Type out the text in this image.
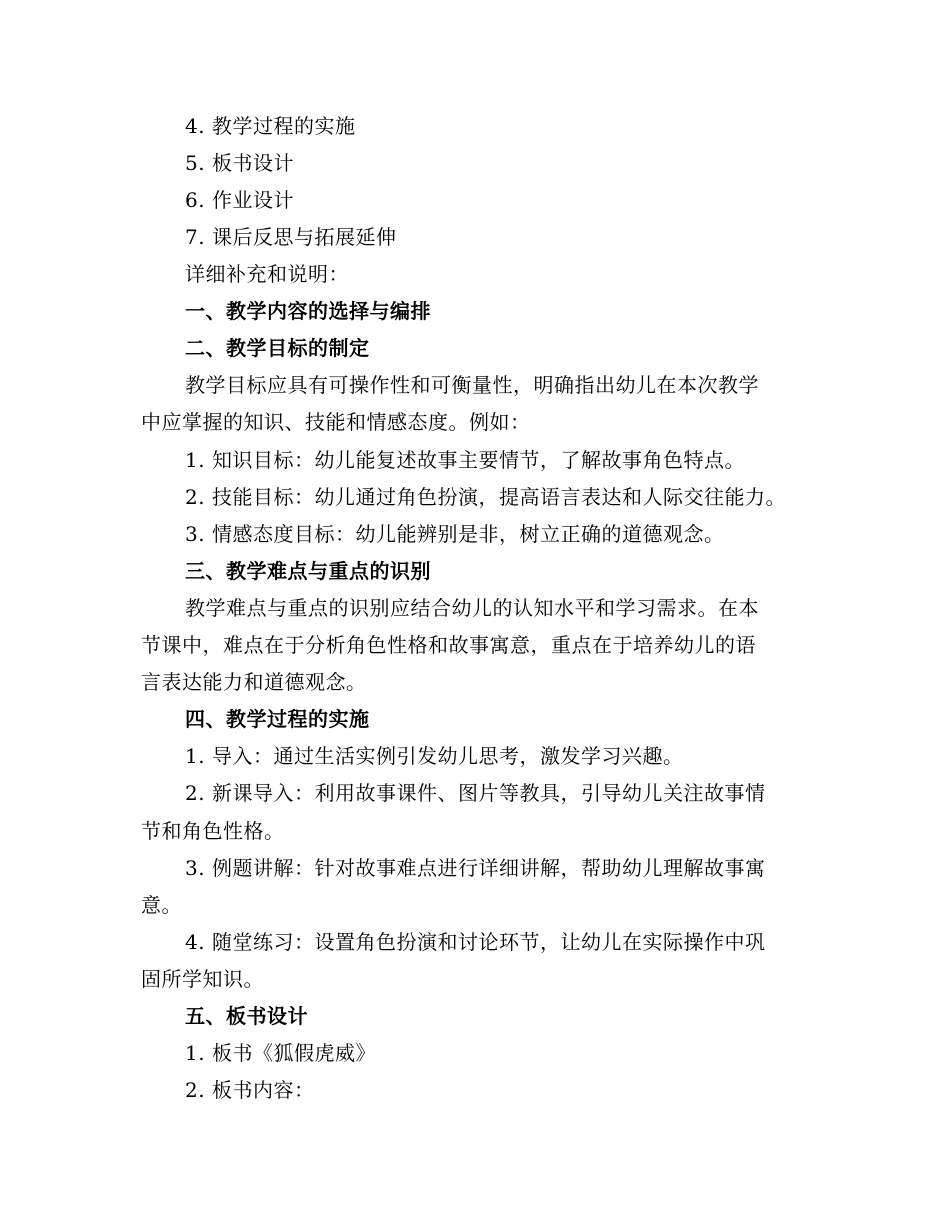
4. 教学过程的实施
5. 板书设计
6. 作业设计
7. 课后反思与拓展延伸
详细补充和说明：
一、教学内容的选择与编排
二、教学目标的制定
教学目标应具有可操作性和可衡量性，明确指出幼儿在本次教学
中应掌握的知识、技能和情感态度。例如：
1. 知识目标：幼儿能复述故事主要情节，了解故事角色特点。
2. 技能目标：幼儿通过角色扮演，提高语言表达和人际交往能力。
3. 情感态度目标：幼儿能辨别是非，树立正确的道德观念。
三、教学难点与重点的识别
教学难点与重点的识别应结合幼儿的认知水平和学习需求。在本
节课中，难点在于分析角色性格和故事寓意，重点在于培养幼儿的语
言表达能力和道德观念。
四、教学过程的实施
1. 导入：通过生活实例引发幼儿思考，激发学习兴趣。
2. 新课导入：利用故事课件、图片等教具，引导幼儿关注故事情
节和角色性格。
3. 例题讲解：针对故事难点进行详细讲解，帮助幼儿理解故事寓
意。
4. 随堂练习：设置角色扮演和讨论环节，让幼儿在实际操作中巩
固所学知识。
五、板书设计
1. 板书《狐假虎威》
2. 板书内容：
